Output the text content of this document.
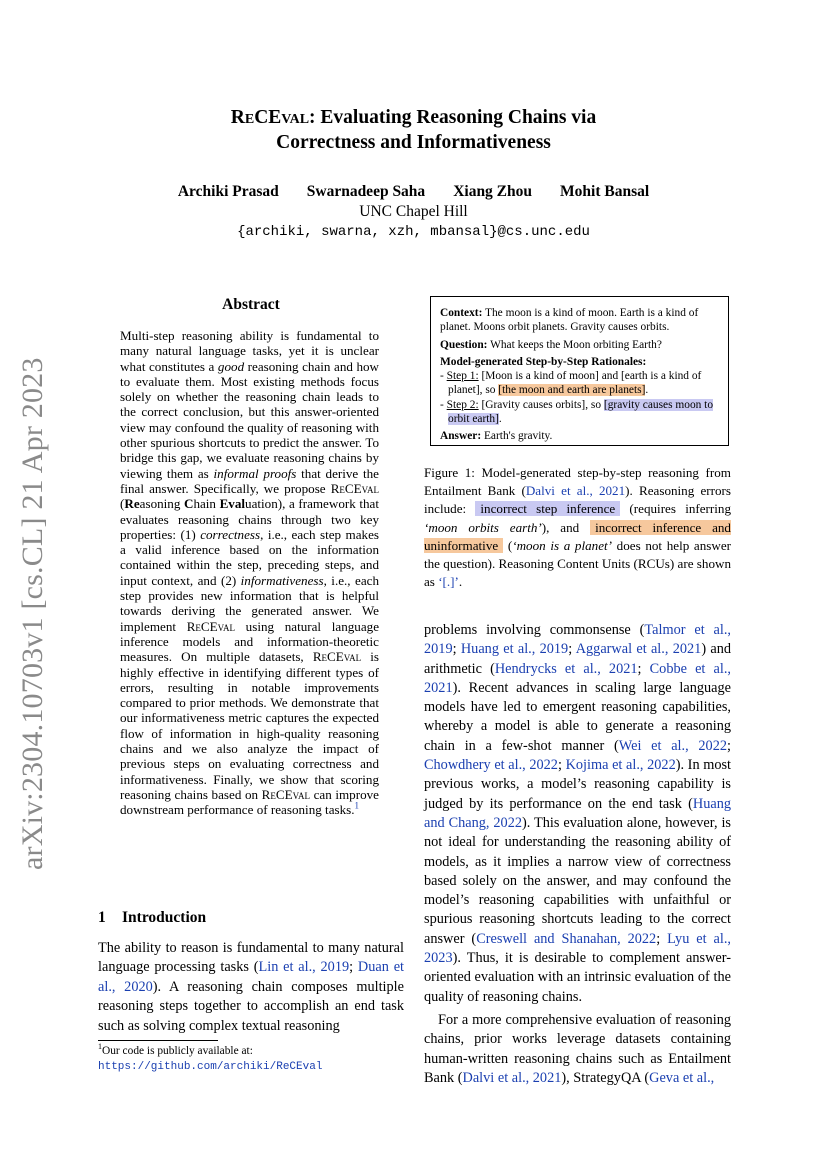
ReCEval: Evaluating Reasoning Chains via
Correctness and Informativeness
Archiki Prasad Swarnadeep Saha Xiang Zhou Mohit Bansal
UNC Chapel Hill
{archiki, swarna, xzh, mbansal}@cs.unc.edu
arXiv:2304.10703v1 [cs.CL] 21 Apr 2023
Abstract
Multi-step reasoning ability is fundamental to many natural language tasks, yet it is unclear what constitutes a good reasoning chain and how to evaluate them. Most existing methods focus solely on whether the reasoning chain leads to the correct conclusion, but this answer-oriented view may confound the quality of reasoning with other spurious shortcuts to predict the answer. To bridge this gap, we evaluate reasoning chains by viewing them as informal proofs that derive the final answer. Specifically, we propose ReCEval (Reasoning Chain Evaluation), a framework that evaluates reasoning chains through two key properties: (1) correctness, i.e., each step makes a valid inference based on the information contained within the step, preceding steps, and input context, and (2) informativeness, i.e., each step provides new information that is helpful towards deriving the generated answer. We implement ReCEval using natural language inference models and information-theoretic measures. On multiple datasets, ReCEval is highly effective in identifying different types of errors, resulting in notable improvements compared to prior methods. We demonstrate that our informativeness metric captures the expected flow of information in high-quality reasoning chains and we also analyze the impact of previous steps on evaluating correctness and informativeness. Finally, we show that scoring reasoning chains based on ReCEval can improve downstream performance of reasoning tasks.$^1$
1 Introduction
The ability to reason is fundamental to many natural language processing tasks (Lin et al., 2019; Duan et al., 2020). A reasoning chain composes multiple reasoning steps together to accomplish an end task such as solving complex textual reasoning
$^1$Our code is publicly available at: https://github.com/archiki/ReCEval

Context: The moon is a kind of moon. Earth is a kind of planet. Moons orbit planets. Gravity causes orbits.

Question: What keeps the Moon orbiting Earth?

Model-generated Step-by-Step Rationales:

- Step 1: [Moon is a kind of moon] and [earth is a kind of planet], so [the moon and earth are planets].

- Step 2: [Gravity causes orbits], so [gravity causes moon to orbit earth].

Answer: Earth's gravity.

Figure 1: Model-generated step-by-step reasoning from Entailment Bank (Dalvi et al., 2021). Reasoning errors include: incorrect step inference (requires inferring ‘moon orbits earth’), and incorrect inference and uninformative (‘moon is a planet’ does not help answer the question). Reasoning Content Units (RCUs) are shown as ‘[.]’.

problems involving commonsense (Talmor et al., 2019; Huang et al., 2019; Aggarwal et al., 2021) and arithmetic (Hendrycks et al., 2021; Cobbe et al., 2021). Recent advances in scaling large language models have led to emergent reasoning capabilities, whereby a model is able to generate a reasoning chain in a few-shot manner (Wei et al., 2022; Chowdhery et al., 2022; Kojima et al., 2022). In most previous works, a model’s reasoning capability is judged by its performance on the end task (Huang and Chang, 2022). This evaluation alone, however, is not ideal for understanding the reasoning ability of models, as it implies a narrow view of correctness based solely on the answer, and may confound the model’s reasoning capabilities with unfaithful or spurious reasoning shortcuts leading to the correct answer (Creswell and Shanahan, 2022; Lyu et al., 2023). Thus, it is desirable to complement answer-oriented evaluation with an intrinsic evaluation of the quality of reasoning chains.

For a more comprehensive evaluation of reasoning chains, prior works leverage datasets containing human-written reasoning chains such as Entailment Bank (Dalvi et al., 2021), StrategyQA (Geva et al.,
